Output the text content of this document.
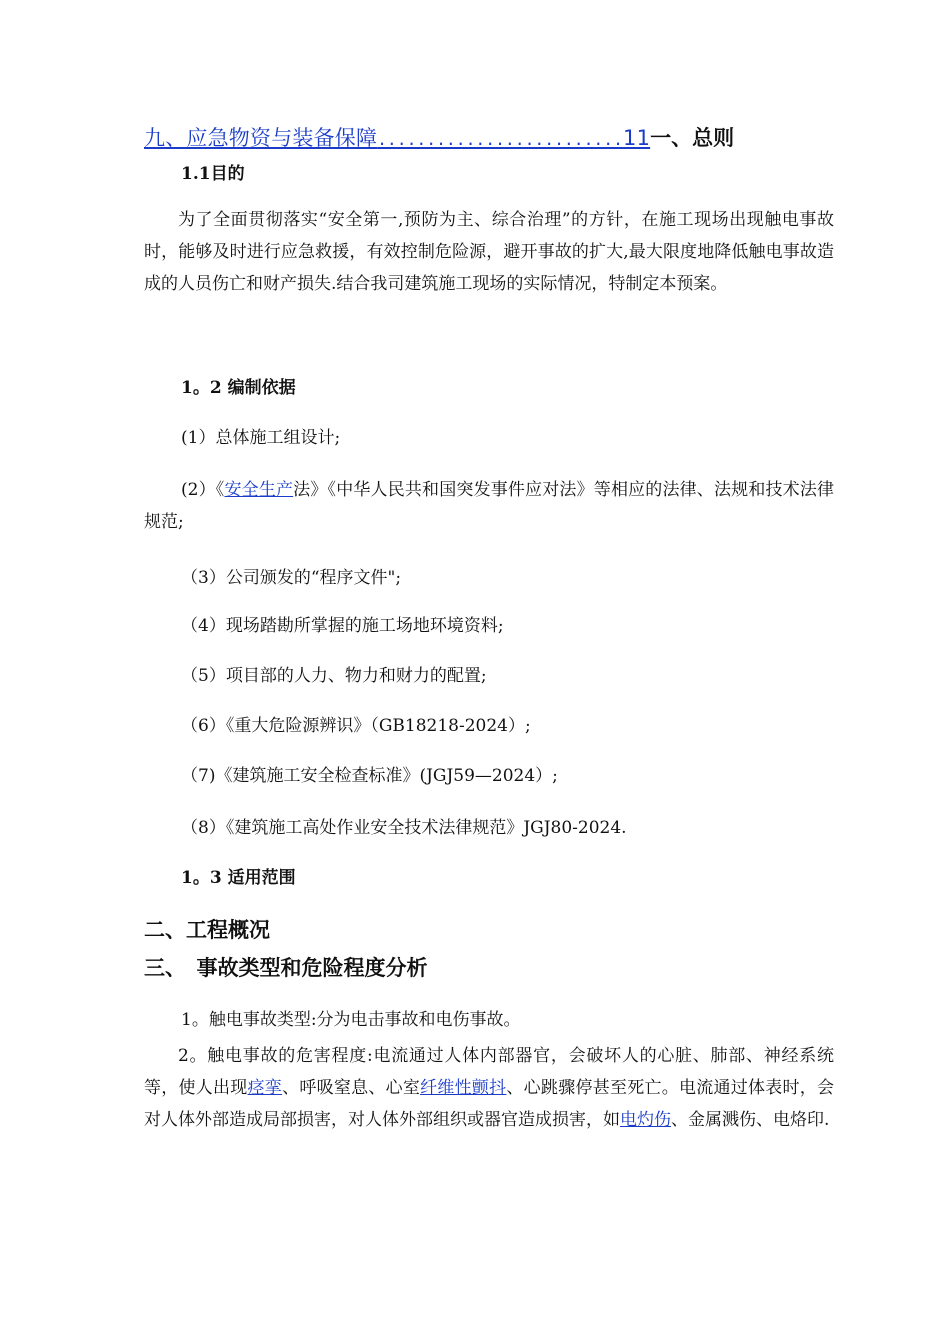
九、应急物资与装备保障.........................11一、总则
1.1目的
为了全面贯彻落实“安全第一,预防为主、综合治理”的方针，在施工现场出现触电事故时，能够及时进行应急救援，有效控制危险源，避开事故的扩大,最大限度地降低触电事故造成的人员伤亡和财产损失.结合我司建筑施工现场的实际情况，特制定本预案。
1。2 编制依据
(1）总体施工组设计;
(2）《安全生产法》《中华人民共和国突发事件应对法》等相应的法律、法规和技术法律规范;
（3）公司颁发的“程序文件";
（4）现场踏勘所掌握的施工场地环境资料;
（5）项目部的人力、物力和财力的配置;
（6）《重大危险源辨识》（GB18218-2024）;
（7)《建筑施工安全检查标准》(JGJ59—2024）;
（8）《建筑施工高处作业安全技术法律规范》JGJ80-2024.
1。3 适用范围
二、工程概况
三、　事故类型和危险程度分析
1。触电事故类型:分为电击事故和电伤事故。
2。触电事故的危害程度:电流通过人体内部器官，会破坏人的心脏、肺部、神经系统等，使人出现痉挛、呼吸窒息、心室纤维性颤抖、心跳骤停甚至死亡。电流通过体表时，会对人体外部造成局部损害，对人体外部组织或器官造成损害，如电灼伤、金属溅伤、电烙印.
